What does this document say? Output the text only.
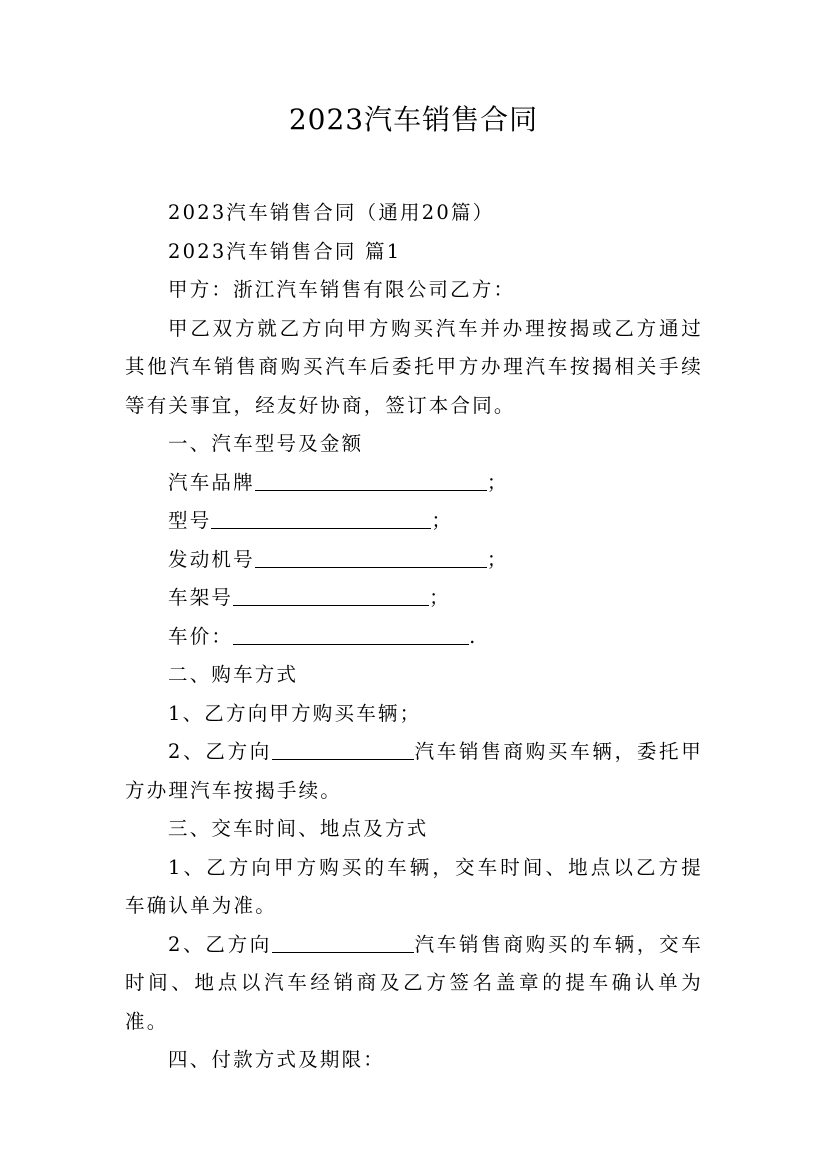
2023汽车销售合同

2023汽车销售合同（通用20篇）

2023汽车销售合同 篇1

甲方：浙江汽车销售有限公司乙方：

甲乙双方就乙方向甲方购买汽车并办理按揭或乙方通过其他汽车销售商购买汽车后委托甲方办理汽车按揭相关手续等有关事宜，经友好协商，签订本合同。

一、汽车型号及金额

汽车品牌	；

型号	；

发动机号	；

车架号	；

车价：	.

二、购车方式

1、乙方向甲方购买车辆；

2、乙方向	汽车销售商购买车辆，委托甲方办理汽车按揭手续。

三、交车时间、地点及方式

1、乙方向甲方购买的车辆，交车时间、地点以乙方提车确认单为准。

2、乙方向	汽车销售商购买的车辆，交车时间、地点以汽车经销商及乙方签名盖章的提车确认单为准。

四、付款方式及期限：
